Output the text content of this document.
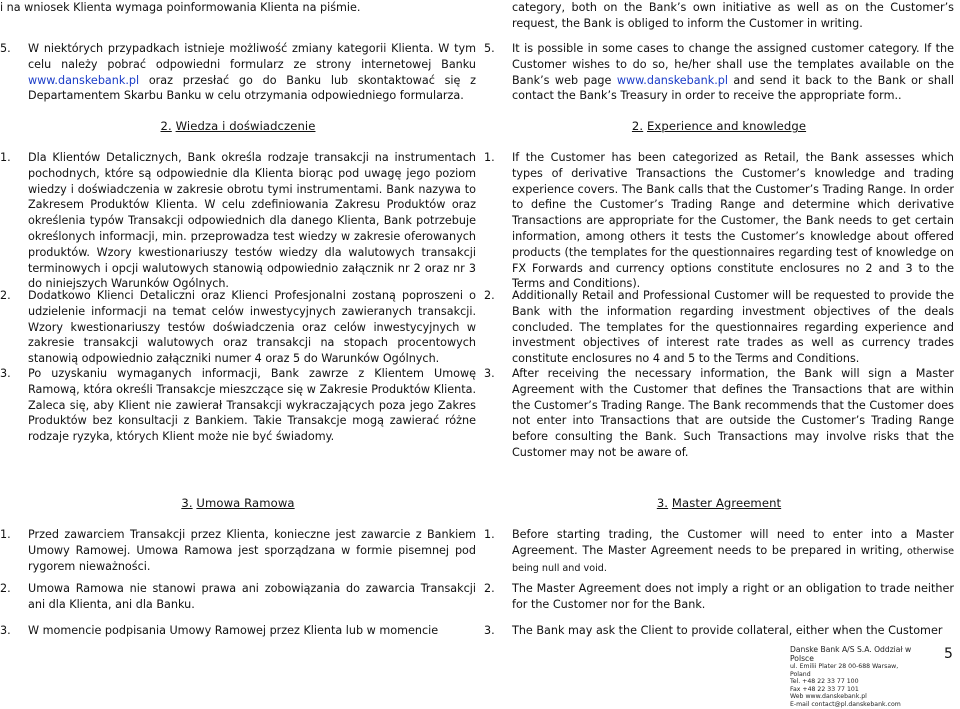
i na wniosek Klienta wymaga poinformowania Klienta na piśmie.
5.	W niektórych przypadkach istnieje możliwość zmiany kategorii Klienta. W tym celu należy pobrać odpowiedni formularz ze strony internetowej Banku www.danskebank.pl oraz przesłać go do Banku lub skontaktować się z Departamentem Skarbu Banku w celu otrzymania odpowiedniego formularza.
2. Wiedza i doświadczenie
1.	Dla Klientów Detalicznych, Bank określa rodzaje transakcji na instrumentach pochodnych, które są odpowiednie dla Klienta biorąc pod uwagę jego poziom wiedzy i doświadczenia w zakresie obrotu tymi instrumentami. Bank nazywa to Zakresem Produktów Klienta. W celu zdefiniowania Zakresu Produktów oraz określenia typów Transakcji odpowiednich dla danego Klienta, Bank potrzebuje określonych informacji, min. przeprowadza test wiedzy w zakresie oferowanych produktów. Wzory kwestionariuszy testów wiedzy dla walutowych transakcji terminowych i opcji walutowych stanowią odpowiednio załącznik nr 2 oraz nr 3 do niniejszych Warunków Ogólnych.
2.	Dodatkowo Klienci Detaliczni oraz Klienci Profesjonalni zostaną poproszeni o udzielenie informacji na temat celów inwestycyjnych zawieranych transakcji. Wzory kwestionariuszy testów doświadczenia oraz celów inwestycyjnych w zakresie transakcji walutowych oraz transakcji na stopach procentowych stanowią odpowiednio załączniki numer 4 oraz 5 do Warunków Ogólnych.
3.	Po uzyskaniu wymaganych informacji, Bank zawrze z Klientem Umowę Ramową, która określi Transakcje mieszczące się w Zakresie Produktów Klienta. Zaleca się, aby Klient nie zawierał Transakcji wykraczających poza jego Zakres Produktów bez konsultacji z Bankiem. Takie Transakcje mogą zawierać różne rodzaje ryzyka, których Klient może nie być świadomy.
3. Umowa Ramowa
1.	Przed zawarciem Transakcji przez Klienta, konieczne jest zawarcie z Bankiem Umowy Ramowej. Umowa Ramowa jest sporządzana w formie pisemnej pod rygorem nieważności.
2.	Umowa Ramowa nie stanowi prawa ani zobowiązania do zawarcia Transakcji ani dla Klienta, ani dla Banku.
3.	W momencie podpisania Umowy Ramowej przez Klienta lub w momencie
category, both on the Bank’s own initiative as well as on the Customer’s request, the Bank is obliged to inform the Customer in writing.
5.	It is possible in some cases to change the assigned customer category. If the Customer wishes to do so, he/her shall use the templates available on the Bank’s web page www.danskebank.pl and send it back to the Bank or shall contact the Bank’s Treasury in order to receive the appropriate form..
2. Experience and knowledge
1.	If the Customer has been categorized as Retail, the Bank assesses which types of derivative Transactions the Customer’s knowledge and trading experience covers. The Bank calls that the Customer’s Trading Range. In order to define the Customer’s Trading Range and determine which derivative Transactions are appropriate for the Customer, the Bank needs to get certain information, among others it tests the Customer’s knowledge about offered products (the templates for the questionnaires regarding test of knowledge on FX Forwards and currency options constitute enclosures no 2 and 3 to the Terms and Conditions).
2.	Additionally Retail and Professional Customer will be requested to provide the Bank with the information regarding investment objectives of the deals concluded. The templates for the questionnaires regarding experience and investment objectives of interest rate trades as well as currency trades constitute enclosures no 4 and 5 to the Terms and Conditions.
3.	After receiving the necessary information, the Bank will sign a Master Agreement with the Customer that defines the Transactions that are within the Customer’s Trading Range. The Bank recommends that the Customer does not enter into Transactions that are outside the Customer’s Trading Range before consulting the Bank. Such Transactions may involve risks that the Customer may not be aware of.
3. Master Agreement
1.	Before starting trading, the Customer will need to enter into a Master Agreement. The Master Agreement needs to be prepared in writing, otherwise being null and void.
2.	The Master Agreement does not imply a right or an obligation to trade neither for the Customer nor for the Bank.
3.	The Bank may ask the Client to provide collateral, either when the Customer
Danske Bank A/S S.A. Oddział w Polsce
ul. Emilii Plater 28 00-688 Warsaw, Poland
Tel. +48 22 33 77 100
Fax +48 22 33 77 101
Web www.danskebank.pl
E-mail contact@pl.danskebank.com
5
